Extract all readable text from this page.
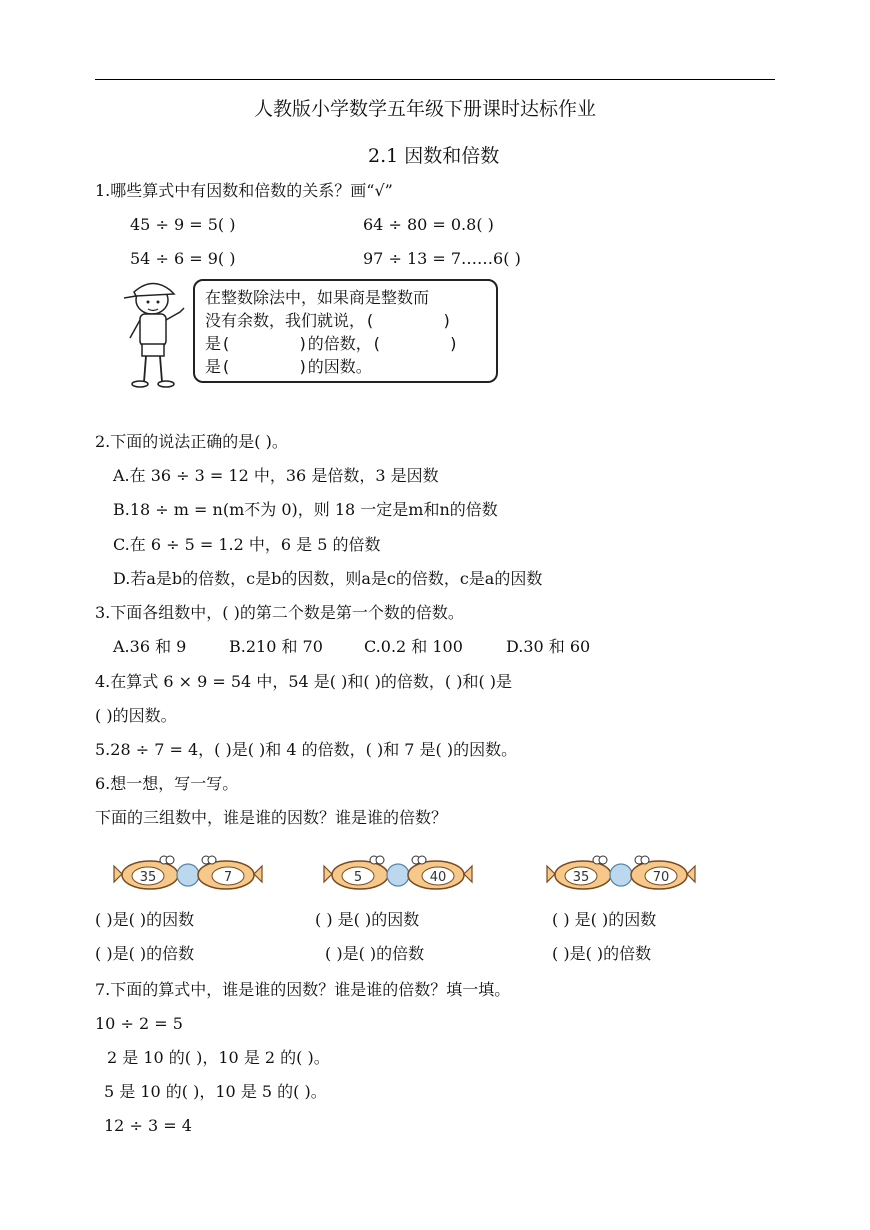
人教版小学数学五年级下册课时达标作业
2.1 因数和倍数
1.哪些算式中有因数和倍数的关系？画“√”
45 ÷ 9 = 5( )	64 ÷ 80 = 0.8( )
54 ÷ 6 = 9( )	97 ÷ 13 = 7……6( )
在整数除法中，如果商是整数而
没有余数，我们就说，(       )
是(       )的倍数，(       )
是(       )的因数。
2.下面的说法正确的是( )。
A.在 36 ÷ 3 = 12 中，36 是倍数，3 是因数
B.18 ÷ m = n(m不为 0)，则 18 一定是m和n的倍数
C.在 6 ÷ 5 = 1.2 中，6 是 5 的倍数
D.若a是b的倍数，c是b的因数，则a是c的倍数，c是a的因数
3.下面各组数中，( )的第二个数是第一个数的倍数。
A.36 和 9	B.210 和 70	C.0.2 和 100	D.30 和 60
4.在算式 6 × 9 = 54 中，54 是( )和( )的倍数，( )和( )是
( )的因数。
5.28 ÷ 7 = 4，( )是( )和 4 的倍数，( )和 7 是( )的因数。
6.想一想，写一写。
下面的三组数中，谁是谁的因数？谁是谁的倍数？
35	7	5	40	35	70
( )是( )的因数	( ) 是( )的因数	( ) 是( )的因数
( )是( )的倍数	( )是( )的倍数	( )是( )的倍数
7.下面的算式中，谁是谁的因数？谁是谁的倍数？填一填。
10 ÷ 2 = 5
2 是 10 的( )，10 是 2 的( )。
5 是 10 的( )，10 是 5 的( )。
12 ÷ 3 = 4
